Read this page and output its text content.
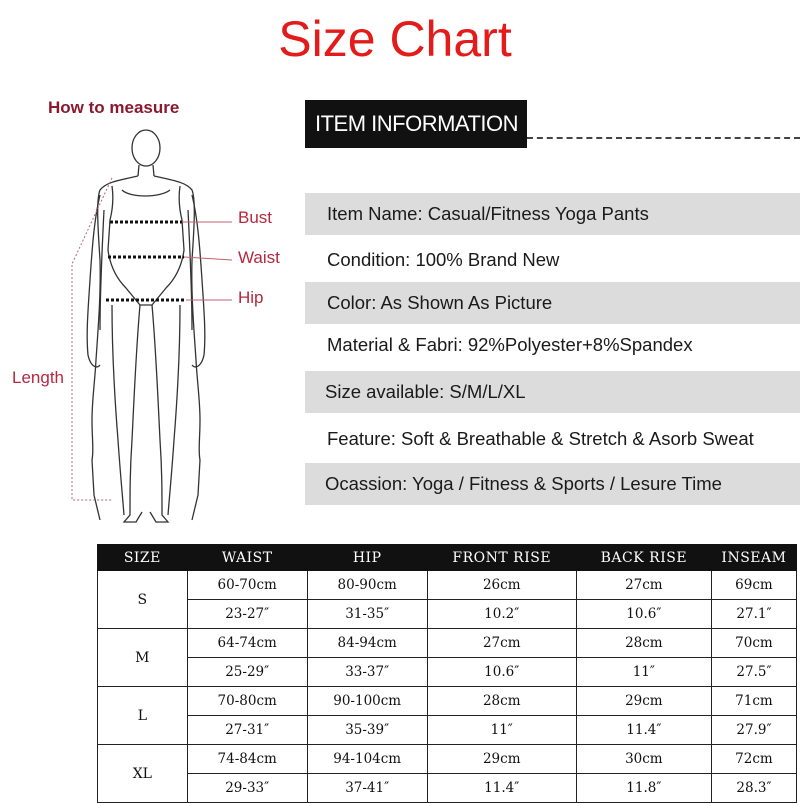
Size Chart
How to measure
Bust
Waist
Hip
Length
ITEM INFORMATION
Item Name: Casual/Fitness Yoga Pants
Condition: 100% Brand New
Color: As Shown As Picture
Material & Fabri: 92%Polyester+8%Spandex
Size available: S/M/L/XL
Feature: Soft & Breathable & Stretch & Asorb Sweat
Ocassion: Yoga / Fitness & Sports / Lesure Time
SIZE	WAIST	HIP	FRONT RISE	BACK RISE	INSEAM
S	60-70cm	80-90cm	26cm	27cm	69cm
	23-27″	31-35″	10.2″	10.6″	27.1″
M	64-74cm	84-94cm	27cm	28cm	70cm
	25-29″	33-37″	10.6″	11″	27.5″
L	70-80cm	90-100cm	28cm	29cm	71cm
	27-31″	35-39″	11″	11.4″	27.9″
XL	74-84cm	94-104cm	29cm	30cm	72cm
	29-33″	37-41″	11.4″	11.8″	28.3″
